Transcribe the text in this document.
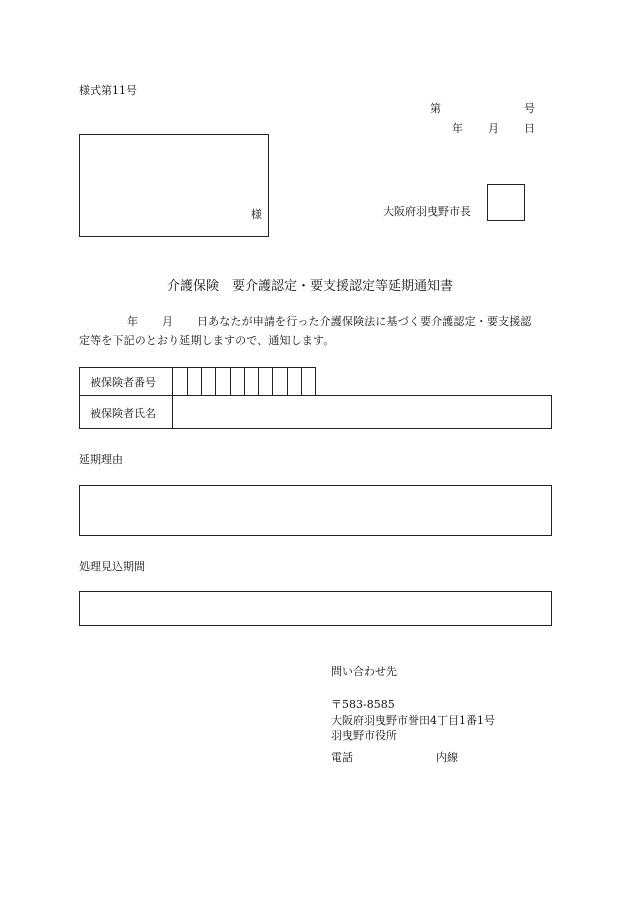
様式第11号
第	号
年 月 日
様	大阪府羽曳野市長
介護保険　要介護認定・要支援認定等延期通知書
年 月 日あなたが申請を行った介護保険法に基づく要介護認定・要支援認
定等を下記のとおり延期しますので、通知します。
被保険者番号
被保険者氏名
延期理由
処理見込期間
問い合わせ先
〒583-8585
大阪府羽曳野市誉田4丁目1番1号
羽曳野市役所
電話	内線
